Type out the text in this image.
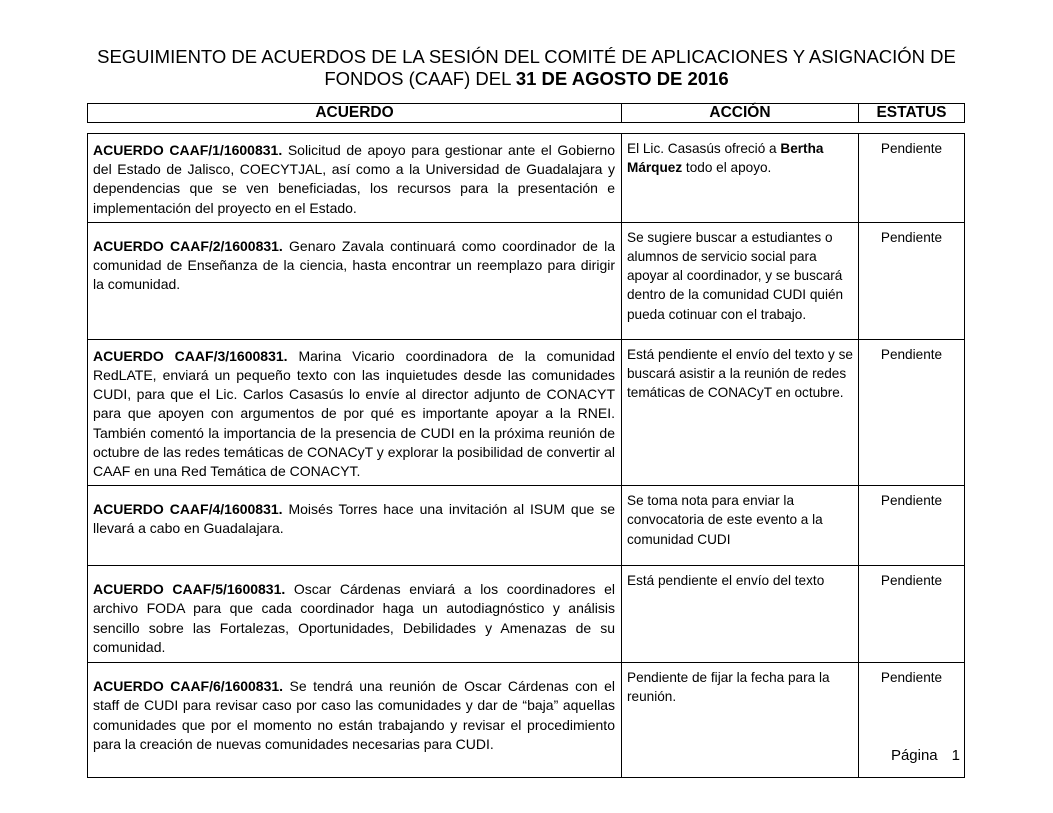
SEGUIMIENTO DE ACUERDOS DE LA SESIÓN DEL COMITÉ DE APLICACIONES Y ASIGNACIÓN DE
FONDOS (CAAF) DEL 31 DE AGOSTO DE 2016
ACUERDO	ACCIÓN	ESTATUS
ACUERDO CAAF/1/1600831. Solicitud de apoyo para gestionar ante el Gobierno del Estado de Jalisco, COECYTJAL, así como a la Universidad de Guadalajara y dependencias que se ven beneficiadas, los recursos para la presentación e implementación del proyecto en el Estado.	El Lic. Casasús ofreció a Bertha Márquez todo el apoyo.	Pendiente
ACUERDO CAAF/2/1600831. Genaro Zavala continuará como coordinador de la comunidad de Enseñanza de la ciencia, hasta encontrar un reemplazo para dirigir la comunidad.	Se sugiere buscar a estudiantes o alumnos de servicio social para apoyar al coordinador, y se buscará dentro de la comunidad CUDI quién pueda cotinuar con el trabajo.	Pendiente
ACUERDO CAAF/3/1600831. Marina Vicario coordinadora de la comunidad RedLATE, enviará un pequeño texto con las inquietudes desde las comunidades CUDI, para que el Lic. Carlos Casasús lo envíe al director adjunto de CONACYT para que apoyen con argumentos de por qué es importante apoyar a la RNEI. También comentó la importancia de la presencia de CUDI en la próxima reunión de octubre de las redes temáticas de CONACyT y explorar la posibilidad de convertir al CAAF en una Red Temática de CONACYT.	Está pendiente el envío del texto y se buscará asistir a la reunión de redes temáticas de CONACyT en octubre.	Pendiente
ACUERDO CAAF/4/1600831. Moisés Torres hace una invitación al ISUM que se llevará a cabo en Guadalajara.	Se toma nota para enviar la convocatoria de este evento a la comunidad CUDI	Pendiente
ACUERDO CAAF/5/1600831. Oscar Cárdenas enviará a los coordinadores el archivo FODA para que cada coordinador haga un autodiagnóstico y análisis sencillo sobre las Fortalezas, Oportunidades, Debilidades y Amenazas de su comunidad.	Está pendiente el envío del texto	Pendiente
ACUERDO CAAF/6/1600831. Se tendrá una reunión de Oscar Cárdenas con el staff de CUDI para revisar caso por caso las comunidades y dar de “baja” aquellas comunidades que por el momento no están trabajando y revisar el procedimiento para la creación de nuevas comunidades necesarias para CUDI.	Pendiente de fijar la fecha para la reunión.	Pendiente
Página 1
